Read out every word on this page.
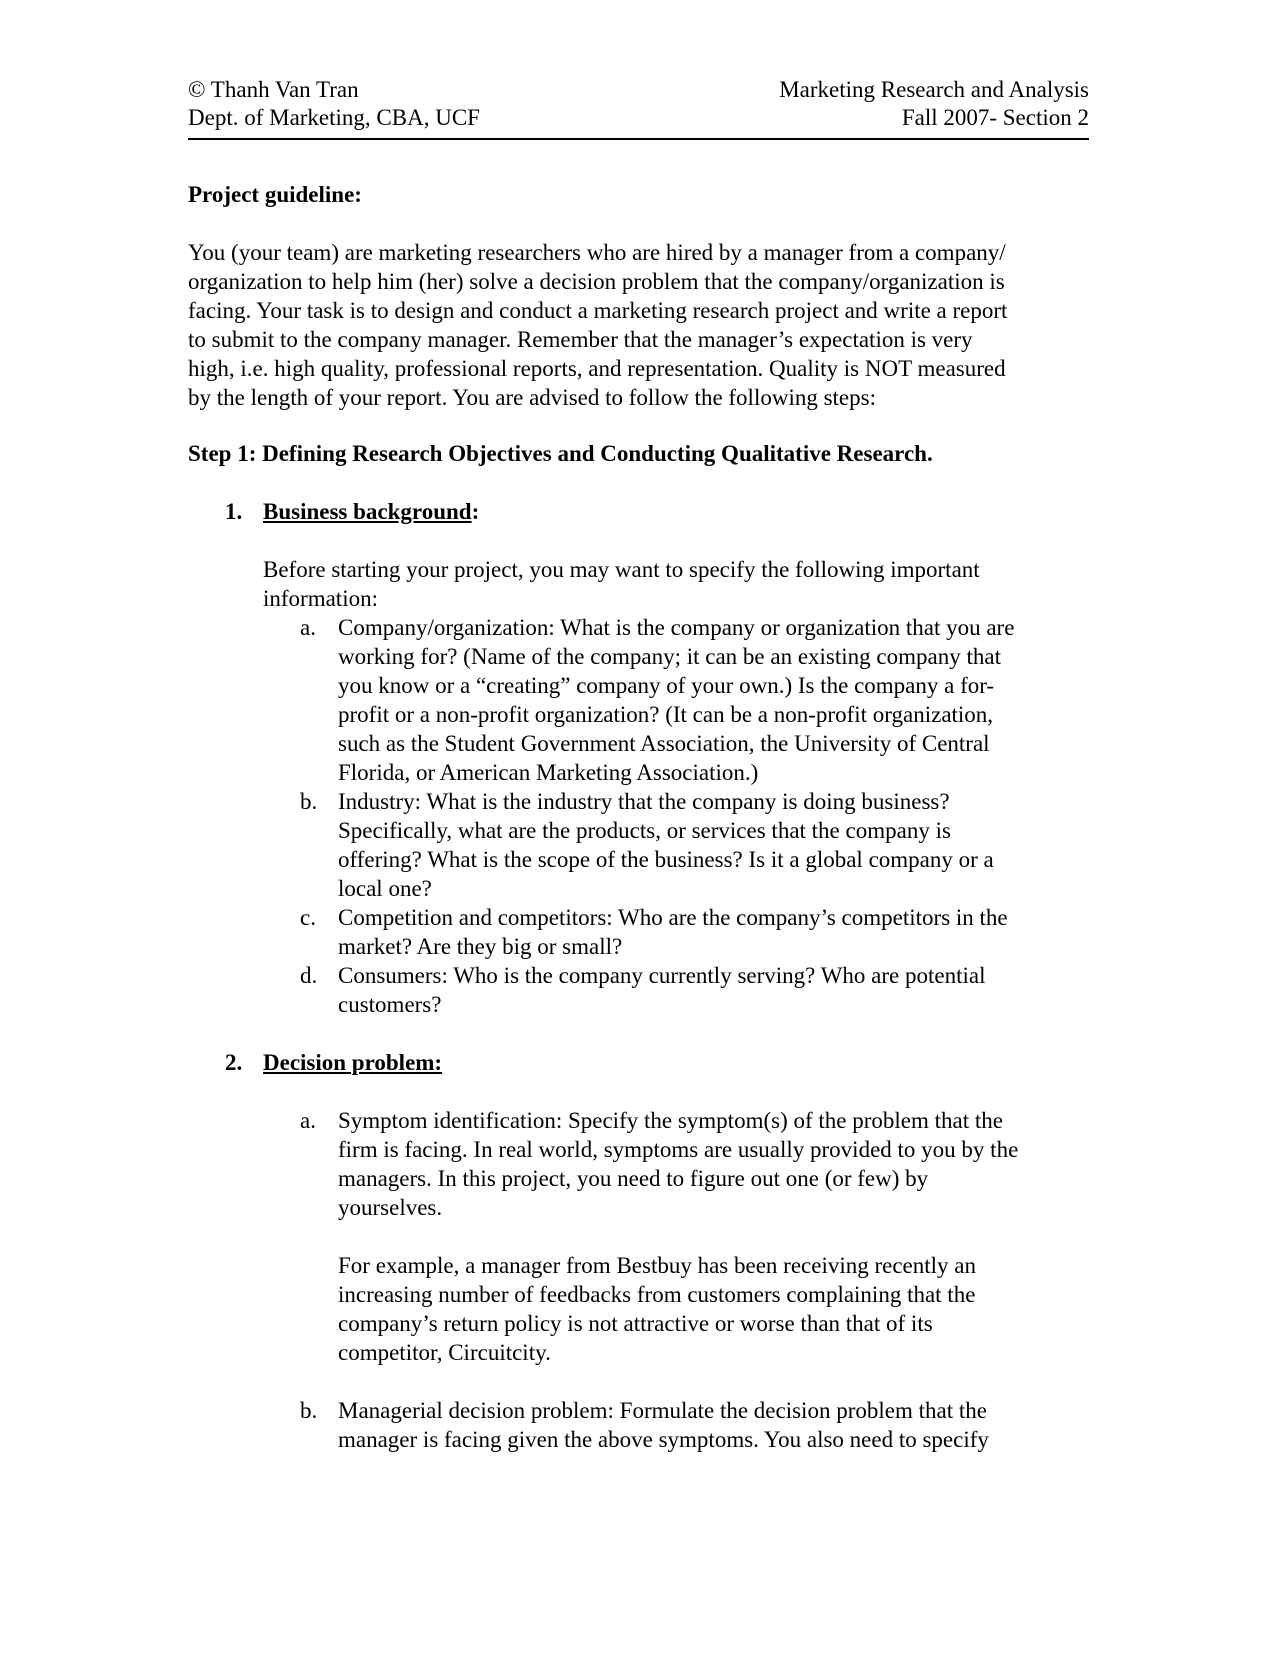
© Thanh Van Tran	Marketing Research and Analysis
Dept. of Marketing, CBA, UCF	Fall 2007- Section 2
Project guideline:
You (your team) are marketing researchers who are hired by a manager from a company/
organization to help him (her) solve a decision problem that the company/organization is
facing. Your task is to design and conduct a marketing research project and write a report
to submit to the company manager. Remember that the manager’s expectation is very
high, i.e. high quality, professional reports, and representation. Quality is NOT measured
by the length of your report. You are advised to follow the following steps:
Step 1: Defining Research Objectives and Conducting Qualitative Research.
1. Business background:
Before starting your project, you may want to specify the following important
information:
a. Company/organization: What is the company or organization that you are
working for? (Name of the company; it can be an existing company that
you know or a “creating” company of your own.) Is the company a for-
profit or a non-profit organization? (It can be a non-profit organization,
such as the Student Government Association, the University of Central
Florida, or American Marketing Association.)
b. Industry: What is the industry that the company is doing business?
Specifically, what are the products, or services that the company is
offering? What is the scope of the business? Is it a global company or a
local one?
c. Competition and competitors: Who are the company’s competitors in the
market? Are they big or small?
d. Consumers: Who is the company currently serving? Who are potential
customers?
2. Decision problem:
a. Symptom identification: Specify the symptom(s) of the problem that the
firm is facing. In real world, symptoms are usually provided to you by the
managers. In this project, you need to figure out one (or few) by
yourselves.
For example, a manager from Bestbuy has been receiving recently an
increasing number of feedbacks from customers complaining that the
company’s return policy is not attractive or worse than that of its
competitor, Circuitcity.
b. Managerial decision problem: Formulate the decision problem that the
manager is facing given the above symptoms. You also need to specify
